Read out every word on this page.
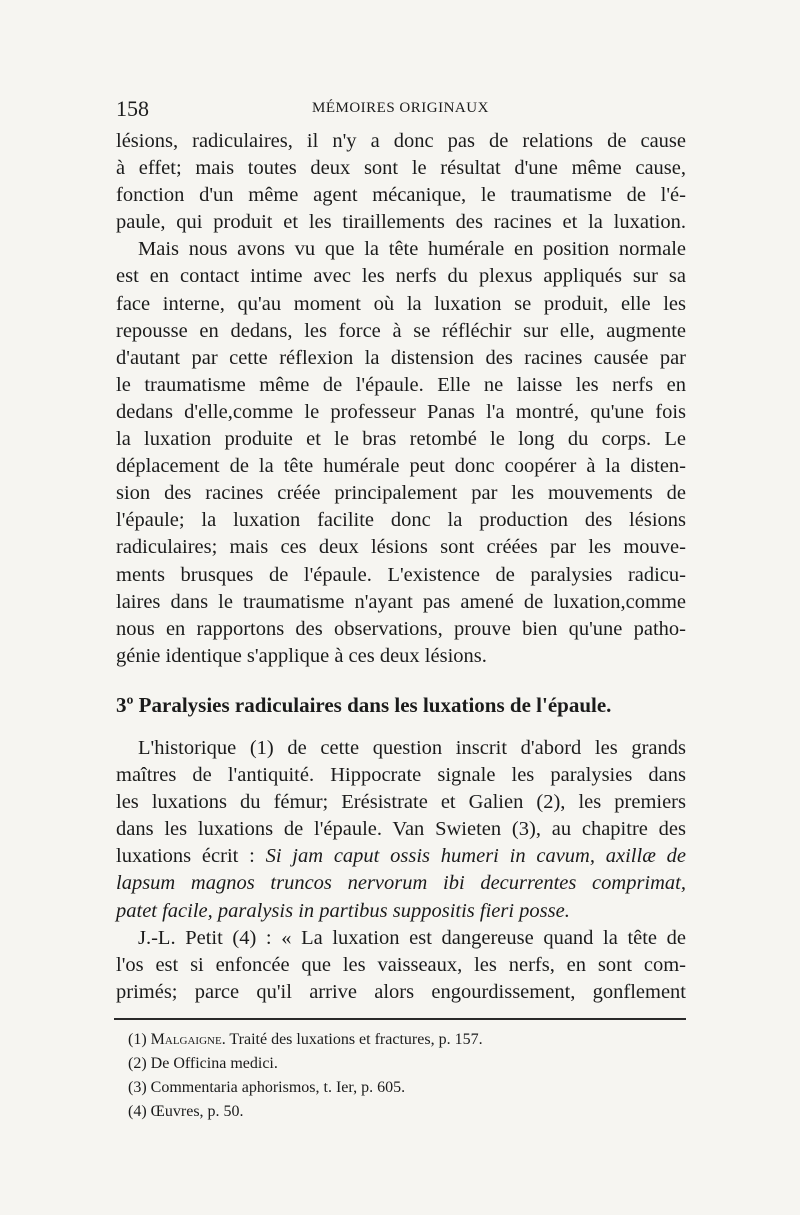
158	MÉMOIRES ORIGINAUX
lésions, radiculaires, il n'y a donc pas de relations de cause
à effet; mais toutes deux sont le résultat d'une même cause,
fonction d'un même agent mécanique, le traumatisme de l'é-
paule, qui produit et les tiraillements des racines et la luxation.
Mais nous avons vu que la tête humérale en position normale
est en contact intime avec les nerfs du plexus appliqués sur sa
face interne, qu'au moment où la luxation se produit, elle les
repousse en dedans, les force à se réfléchir sur elle, augmente
d'autant par cette réflexion la distension des racines causée par
le traumatisme même de l'épaule. Elle ne laisse les nerfs en
dedans d'elle,comme le professeur Panas l'a montré, qu'une fois
la luxation produite et le bras retombé le long du corps. Le
déplacement de la tête humérale peut donc coopérer à la disten-
sion des racines créée principalement par les mouvements de
l'épaule; la luxation facilite donc la production des lésions
radiculaires; mais ces deux lésions sont créées par les mouve-
ments brusques de l'épaule. L'existence de paralysies radicu-
laires dans le traumatisme n'ayant pas amené de luxation,comme
nous en rapportons des observations, prouve bien qu'une patho-
génie identique s'applique à ces deux lésions.
3º Paralysies radiculaires dans les luxations de l'épaule.
L'historique (1) de cette question inscrit d'abord les grands
maîtres de l'antiquité. Hippocrate signale les paralysies dans
les luxations du fémur; Erésistrate et Galien (2), les premiers
dans les luxations de l'épaule. Van Swieten (3), au chapitre des
luxations écrit : Si jam caput ossis humeri in cavum, axillæ de
lapsum magnos truncos nervorum ibi decurrentes comprimat,
patet facile, paralysis in partibus suppositis fieri posse.
J.-L. Petit (4) : « La luxation est dangereuse quand la tête de
l'os est si enfoncée que les vaisseaux, les nerfs, en sont com-
primés; parce qu'il arrive alors engourdissement, gonflement
(1) Malgaigne. Traité des luxations et fractures, p. 157.
(2) De Officina medici.
(3) Commentaria aphorismos, t. Ier, p. 605.
(4) Œuvres, p. 50.
